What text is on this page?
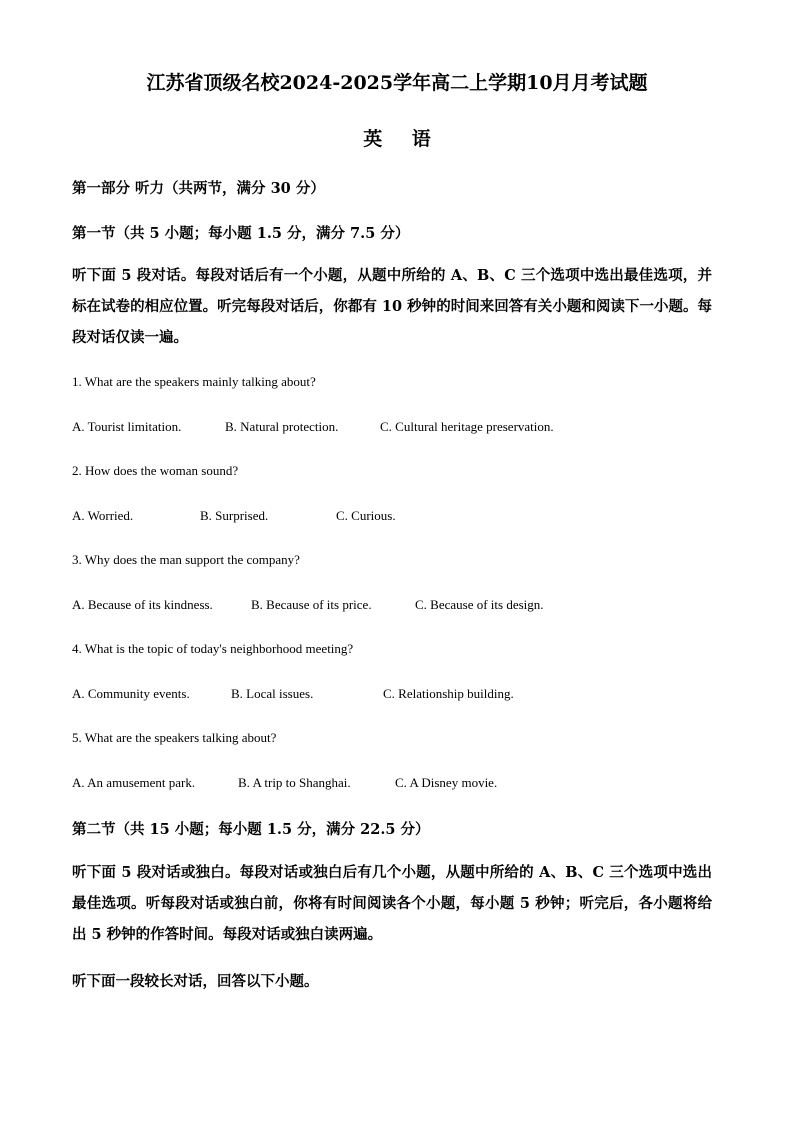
江苏省顶级名校2024-2025学年高二上学期10月月考试题
英 语
第一部分 听力（共两节，满分 30 分）
第一节（共 5 小题；每小题 1.5 分，满分 7.5 分）
听下面 5 段对话。每段对话后有一个小题，从题中所给的 A、B、C 三个选项中选出最佳选项，并标在试卷的相应位置。听完每段对话后，你都有 10 秒钟的时间来回答有关小题和阅读下一小题。每段对话仅读一遍。
1. What are the speakers mainly talking about?
A. Tourist limitation.	B. Natural protection.	C. Cultural heritage preservation.
2. How does the woman sound?
A. Worried.	B. Surprised.	C. Curious.
3. Why does the man support the company?
A. Because of its kindness.	B. Because of its price.	C. Because of its design.
4. What is the topic of today's neighborhood meeting?
A. Community events.	B. Local issues.	C. Relationship building.
5. What are the speakers talking about?
A. An amusement park.	B. A trip to Shanghai.	C. A Disney movie.
第二节（共 15 小题；每小题 1.5 分，满分 22.5 分）
听下面 5 段对话或独白。每段对话或独白后有几个小题，从题中所给的 A、B、C 三个选项中选出最佳选项。听每段对话或独白前，你将有时间阅读各个小题，每小题 5 秒钟；听完后，各小题将给出 5 秒钟的作答时间。每段对话或独白读两遍。
听下面一段较长对话，回答以下小题。
